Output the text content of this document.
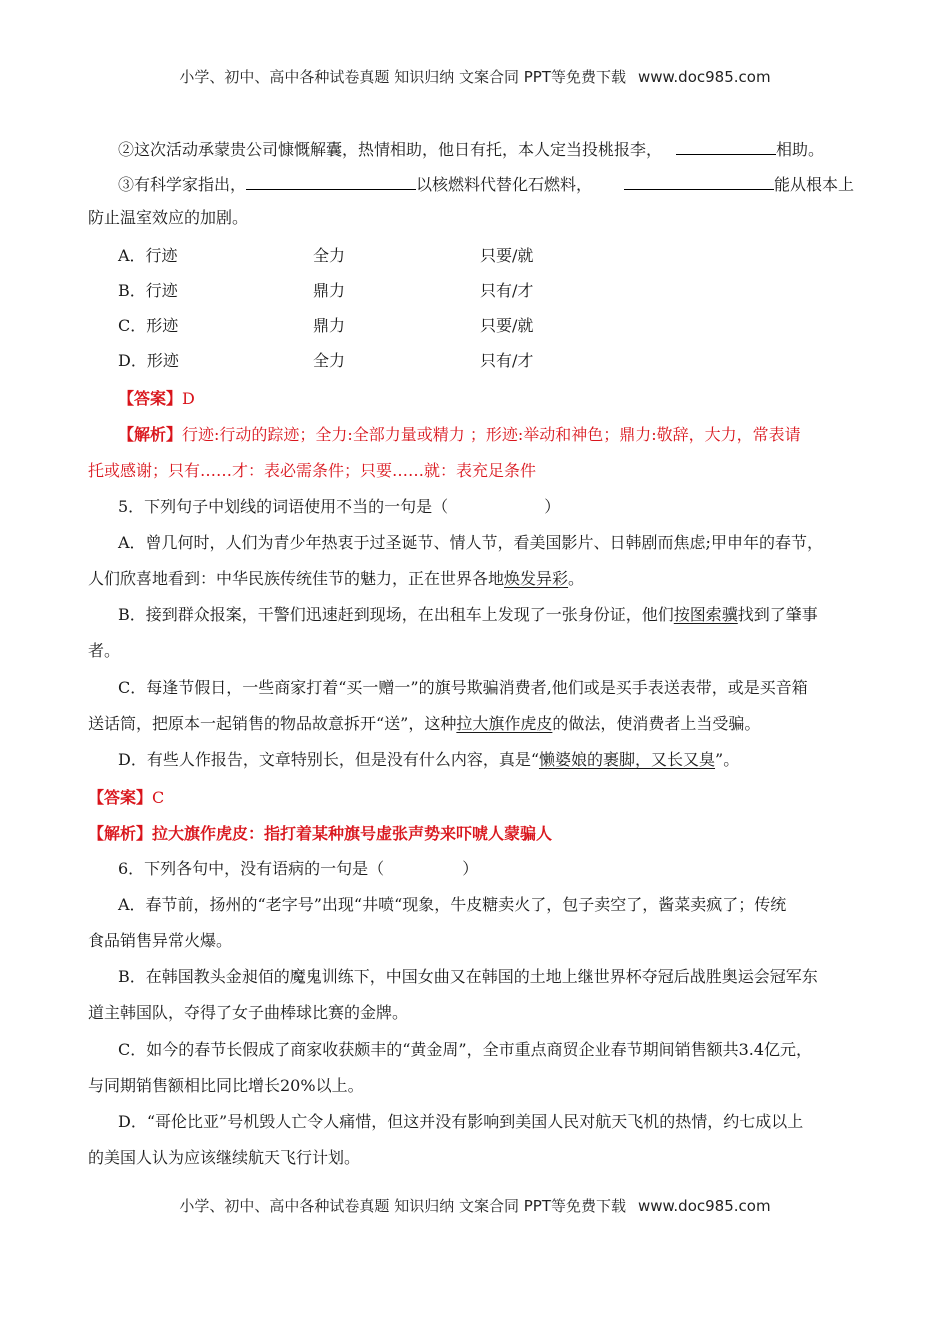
小学、初中、高中各种试卷真题 知识归纳 文案合同 PPT等免费下载 www.doc985.com
②这次活动承蒙贵公司慷慨解囊，热情相助，他日有托，本人定当投桃报李，	相助。
③有科学家指出，	以核燃料代替化石燃料，	能从根本上
防止温室效应的加剧。
A．行迹	全力	只要/就
B．行迹	鼎力	只有/才
C．形迹	鼎力	只要/就
D．形迹	全力	只有/才
【答案】D
【解析】行迹:行动的踪迹；全力:全部力量或精力 ；形迹:举动和神色；鼎力:敬辞，大力，常表请
托或感谢；只有……才：表必需条件；只要……就：表充足条件
5．下列句子中划线的词语使用不当的一句是（	）
A．曾几何时，人们为青少年热衷于过圣诞节、情人节，看美国影片、日韩剧而焦虑;甲申年的春节，
人们欣喜地看到：中华民族传统佳节的魅力，正在世界各地焕发异彩。
B．接到群众报案，干警们迅速赶到现场，在出租车上发现了一张身份证，他们按图索骥找到了肇事
者。
C．每逢节假日，一些商家打着“买一赠一”的旗号欺骗消费者,他们或是买手表送表带，或是买音箱
送话筒，把原本一起销售的物品故意拆开“送”，这种拉大旗作虎皮的做法，使消费者上当受骗。
D．有些人作报告，文章特别长，但是没有什么内容，真是“懒婆娘的裹脚，又长又臭”。
【答案】C
【解析】拉大旗作虎皮：指打着某种旗号虚张声势来吓唬人蒙骗人
6．下列各句中，没有语病的一句是（	）
A．春节前，扬州的“老字号”出现“井喷“现象，牛皮糖卖火了，包子卖空了，酱菜卖疯了；传统
食品销售异常火爆。
B．在韩国教头金昶佰的魔鬼训练下，中国女曲又在韩国的土地上继世界杯夺冠后战胜奥运会冠军东
道主韩国队，夺得了女子曲棒球比赛的金牌。
C．如今的春节长假成了商家收获颇丰的“黄金周”，全市重点商贸企业春节期间销售额共3.4亿元，
与同期销售额相比同比增长20%以上。
D．“哥伦比亚”号机毁人亡令人痛惜，但这并没有影响到美国人民对航天飞机的热情，约七成以上
的美国人认为应该继续航天飞行计划。
小学、初中、高中各种试卷真题 知识归纳 文案合同 PPT等免费下载 www.doc985.com
